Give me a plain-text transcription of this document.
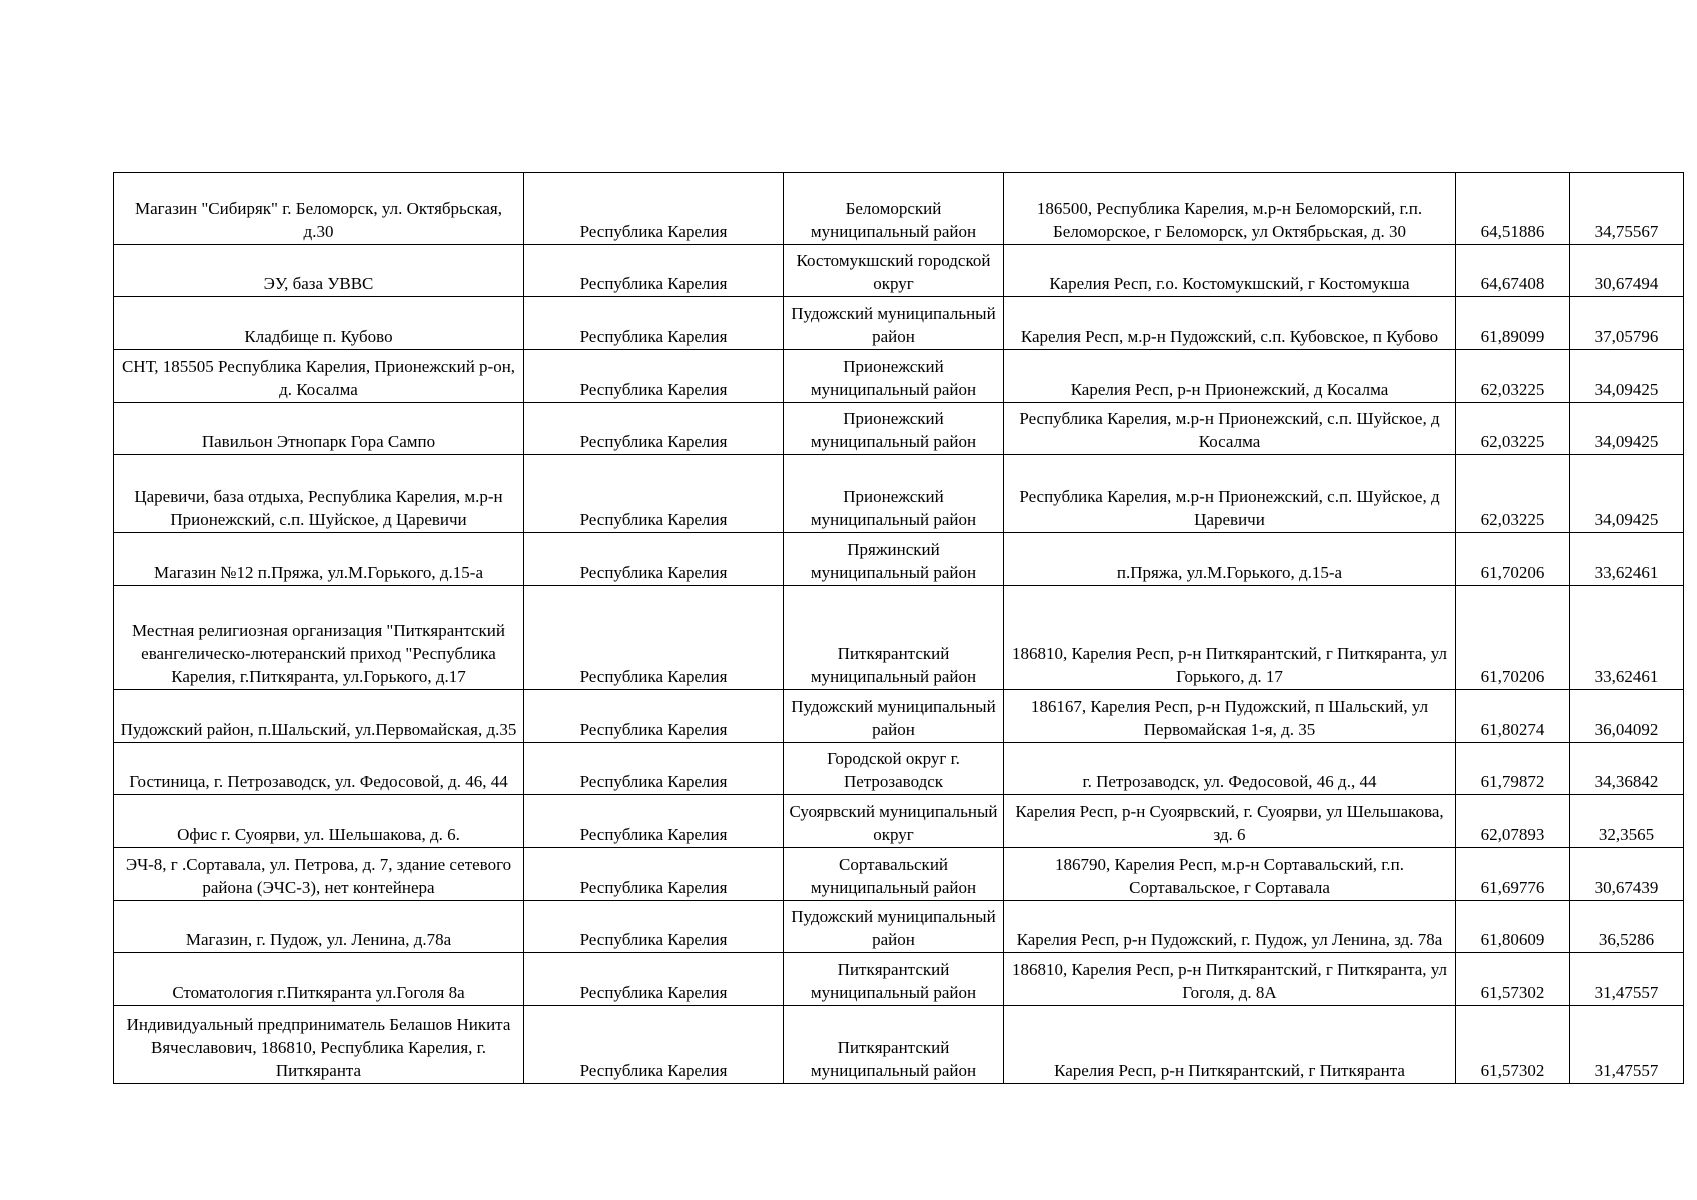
Магазин "Сибиряк" г. Беломорск, ул. Октябрьская, д.30	Республика Карелия	Беломорский муниципальный район	186500, Республика Карелия, м.р-н Беломорский, г.п. Беломорское, г Беломорск, ул Октябрьская, д. 30	64,51886	34,75567
ЭУ, база УВВС	Республика Карелия	Костомукшский городской округ	Карелия Респ, г.о. Костомукшский, г Костомукша	64,67408	30,67494
Кладбище п. Кубово	Республика Карелия	Пудожский муниципальный район	Карелия Респ, м.р-н Пудожский, с.п. Кубовское, п Кубово	61,89099	37,05796
СНТ, 185505 Республика Карелия, Прионежский р-он, д. Косалма	Республика Карелия	Прионежский муниципальный район	Карелия Респ, р-н Прионежский, д Косалма	62,03225	34,09425
Павильон Этнопарк Гора Сампо	Республика Карелия	Прионежский муниципальный район	Республика Карелия, м.р-н Прионежский, с.п. Шуйское, д Косалма	62,03225	34,09425
Царевичи, база отдыха, Республика Карелия, м.р-н Прионежский, с.п. Шуйское, д Царевичи	Республика Карелия	Прионежский муниципальный район	Республика Карелия, м.р-н Прионежский, с.п. Шуйское, д Царевичи	62,03225	34,09425
Магазин №12 п.Пряжа, ул.М.Горького, д.15-а	Республика Карелия	Пряжинский муниципальный район	п.Пряжа, ул.М.Горького, д.15-а	61,70206	33,62461
Местная религиозная организация "Питкярантский евангелическо-лютеранский приход "Республика Карелия, г.Питкяранта, ул.Горького, д.17	Республика Карелия	Питкярантский муниципальный район	186810, Карелия Респ, р-н Питкярантский, г Питкяранта, ул Горького, д. 17	61,70206	33,62461
Пудожский район, п.Шальский, ул.Первомайская, д.35	Республика Карелия	Пудожский муниципальный район	186167, Карелия Респ, р-н Пудожский, п Шальский, ул Первомайская 1-я, д. 35	61,80274	36,04092
Гостиница, г. Петрозаводск, ул. Федосовой, д. 46, 44	Республика Карелия	Городской округ г. Петрозаводск	г. Петрозаводск, ул. Федосовой, 46 д., 44	61,79872	34,36842
Офис г. Суоярви, ул. Шельшакова, д. 6.	Республика Карелия	Суоярвский муниципальный округ	Карелия Респ, р-н Суоярвский, г. Суоярви, ул Шельшакова, зд. 6	62,07893	32,3565
ЭЧ-8, г .Сортавала, ул. Петрова, д. 7, здание сетевого района (ЭЧС-3), нет контейнера	Республика Карелия	Сортавальский муниципальный район	186790, Карелия Респ, м.р-н Сортавальский, г.п. Сортавальское, г Сортавала	61,69776	30,67439
Магазин, г. Пудож, ул. Ленина, д.78а	Республика Карелия	Пудожский муниципальный район	Карелия Респ, р-н Пудожский, г. Пудож, ул Ленина, зд. 78а	61,80609	36,5286
Стоматология г.Питкяранта ул.Гоголя 8а	Республика Карелия	Питкярантский муниципальный район	186810, Карелия Респ, р-н Питкярантский, г Питкяранта, ул Гоголя, д. 8А	61,57302	31,47557
Индивидуальный предприниматель Белашов Никита Вячеславович, 186810, Республика Карелия, г. Питкяранта	Республика Карелия	Питкярантский муниципальный район	Карелия Респ, р-н Питкярантский, г Питкяранта	61,57302	31,47557
